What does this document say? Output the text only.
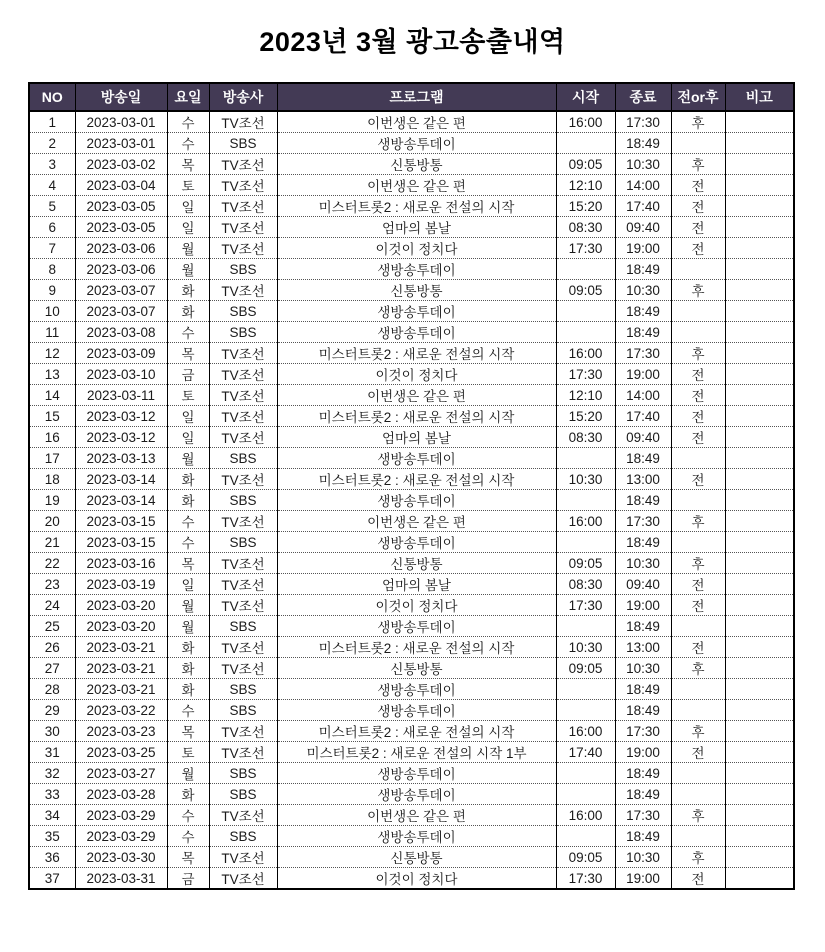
2023년 3월 광고송출내역
NO	방송일	요일	방송사	프로그램	시작	종료	전or후	비고
1	2023-03-01	수	TV조선	이번생은 같은 편	16:00	17:30	후	
2	2023-03-01	수	SBS	생방송투데이		18:49		
3	2023-03-02	목	TV조선	신통방통	09:05	10:30	후	
4	2023-03-04	토	TV조선	이번생은 같은 편	12:10	14:00	전	
5	2023-03-05	일	TV조선	미스터트롯2 : 새로운 전설의 시작	15:20	17:40	전	
6	2023-03-05	일	TV조선	엄마의 봄날	08:30	09:40	전	
7	2023-03-06	월	TV조선	이것이 정치다	17:30	19:00	전	
8	2023-03-06	월	SBS	생방송투데이		18:49		
9	2023-03-07	화	TV조선	신통방통	09:05	10:30	후	
10	2023-03-07	화	SBS	생방송투데이		18:49		
11	2023-03-08	수	SBS	생방송투데이		18:49		
12	2023-03-09	목	TV조선	미스터트롯2 : 새로운 전설의 시작	16:00	17:30	후	
13	2023-03-10	금	TV조선	이것이 정치다	17:30	19:00	전	
14	2023-03-11	토	TV조선	이번생은 같은 편	12:10	14:00	전	
15	2023-03-12	일	TV조선	미스터트롯2 : 새로운 전설의 시작	15:20	17:40	전	
16	2023-03-12	일	TV조선	엄마의 봄날	08:30	09:40	전	
17	2023-03-13	월	SBS	생방송투데이		18:49		
18	2023-03-14	화	TV조선	미스터트롯2 : 새로운 전설의 시작	10:30	13:00	전	
19	2023-03-14	화	SBS	생방송투데이		18:49		
20	2023-03-15	수	TV조선	이번생은 같은 편	16:00	17:30	후	
21	2023-03-15	수	SBS	생방송투데이		18:49		
22	2023-03-16	목	TV조선	신통방통	09:05	10:30	후	
23	2023-03-19	일	TV조선	엄마의 봄날	08:30	09:40	전	
24	2023-03-20	월	TV조선	이것이 정치다	17:30	19:00	전	
25	2023-03-20	월	SBS	생방송투데이		18:49		
26	2023-03-21	화	TV조선	미스터트롯2 : 새로운 전설의 시작	10:30	13:00	전	
27	2023-03-21	화	TV조선	신통방통	09:05	10:30	후	
28	2023-03-21	화	SBS	생방송투데이		18:49		
29	2023-03-22	수	SBS	생방송투데이		18:49		
30	2023-03-23	목	TV조선	미스터트롯2 : 새로운 전설의 시작	16:00	17:30	후	
31	2023-03-25	토	TV조선	미스터트롯2 : 새로운 전설의 시작 1부	17:40	19:00	전	
32	2023-03-27	월	SBS	생방송투데이		18:49		
33	2023-03-28	화	SBS	생방송투데이		18:49		
34	2023-03-29	수	TV조선	이번생은 같은 편	16:00	17:30	후	
35	2023-03-29	수	SBS	생방송투데이		18:49		
36	2023-03-30	목	TV조선	신통방통	09:05	10:30	후	
37	2023-03-31	금	TV조선	이것이 정치다	17:30	19:00	전	
